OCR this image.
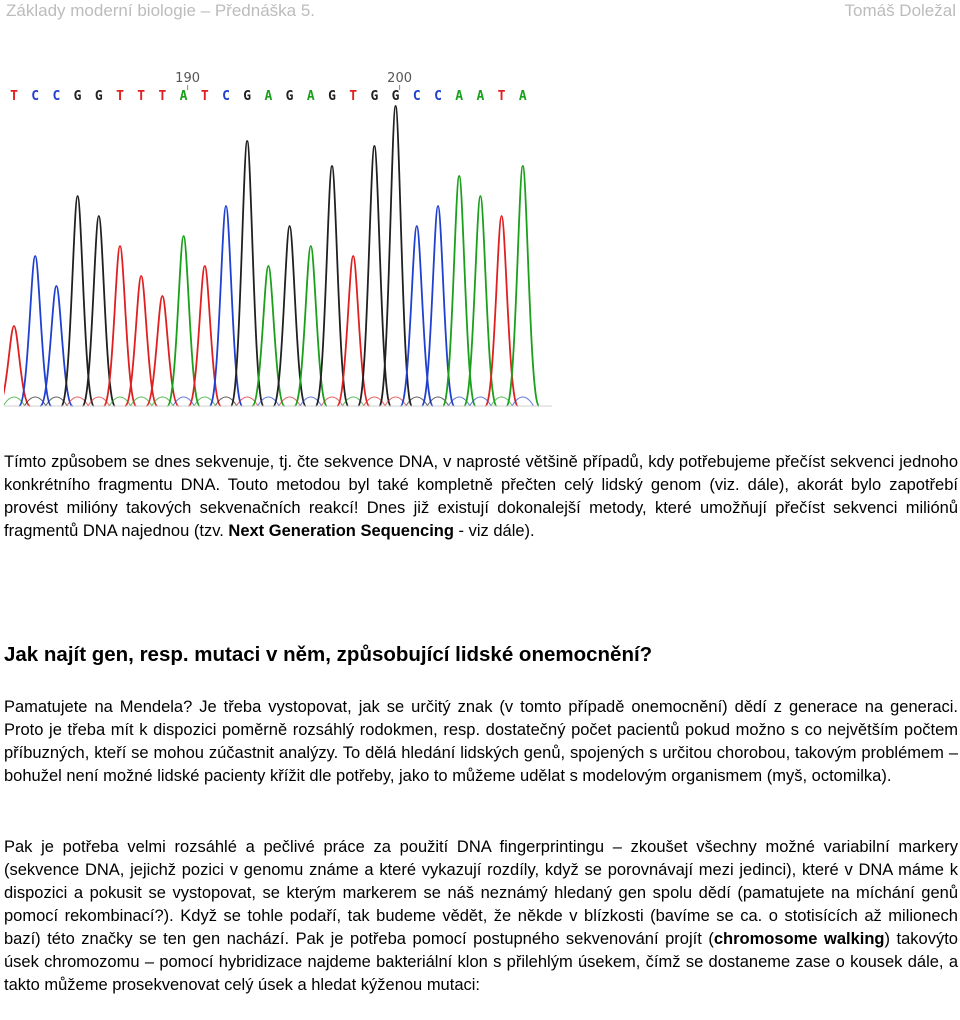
Základy moderní biologie – Přednáška 5.	Tomáš Doležal
190	200
T C C G G T T T A T C G A G A G T G G C C A A T A
Tímto způsobem se dnes sekvenuje, tj. čte sekvence DNA, v naprosté většině případů, kdy potřebujeme přečíst sekvenci jednoho konkrétního fragmentu DNA. Touto metodou byl také kompletně přečten celý lidský genom (viz. dále), akorát bylo zapotřebí provést milióny takových sekvenačních reakcí! Dnes již existují dokonalejší metody, které umožňují přečíst sekvenci miliónů fragmentů DNA najednou (tzv. Next Generation Sequencing - viz dále).
Jak najít gen, resp. mutaci v něm, způsobující lidské onemocnění?
Pamatujete na Mendela? Je třeba vystopovat, jak se určitý znak (v tomto případě onemocnění) dědí z generace na generaci. Proto je třeba mít k dispozici poměrně rozsáhlý rodokmen, resp. dostatečný počet pacientů pokud možno s co největším počtem příbuzných, kteří se mohou zúčastnit analýzy. To dělá hledání lidských genů, spojených s určitou chorobou, takovým problémem – bohužel není možné lidské pacienty křížit dle potřeby, jako to můžeme udělat s modelovým organismem (myš, octomilka).
Pak je potřeba velmi rozsáhlé a pečlivé práce za použití DNA fingerprintingu – zkoušet všechny možné variabilní markery (sekvence DNA, jejichž pozici v genomu známe a které vykazují rozdíly, když se porovnávají mezi jedinci), které v DNA máme k dispozici a pokusit se vystopovat, se kterým markerem se náš neznámý hledaný gen spolu dědí (pamatujete na míchání genů pomocí rekombinací?). Když se tohle podaří, tak budeme vědět, že někde v blízkosti (bavíme se ca. o stotisících až milionech bazí) této značky se ten gen nachází. Pak je potřeba pomocí postupného sekvenování projít (chromosome walking) takovýto úsek chromozomu – pomocí hybridizace najdeme bakteriální klon s přilehlým úsekem, čímž se dostaneme zase o kousek dále, a takto můžeme prosekvenovat celý úsek a hledat kýženou mutaci:
